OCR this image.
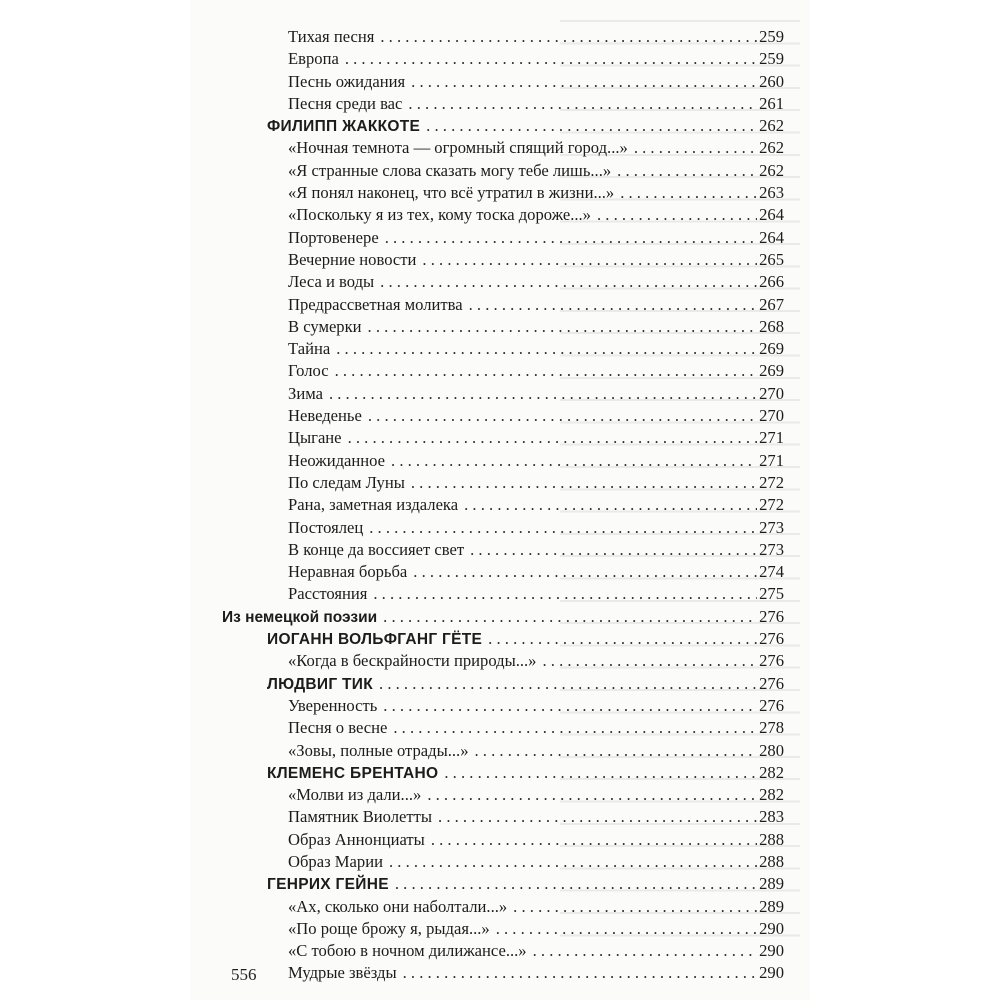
Тихая песня . . .	259
Европа . . .	259
Песнь ожидания . . .	260
Песня среди вас . . .	261
ФИЛИПП ЖАККОТЕ . . .	262
«Ночная темнота — огромный спящий город...» . . .	262
«Я странные слова сказать могу тебе лишь...» . . .	262
«Я понял наконец, что всё утратил в жизни...» . . .	263
«Поскольку я из тех, кому тоска дороже...» . . .	264
Портовенере . . .	264
Вечерние новости . . .	265
Леса и воды . . .	266
Предрассветная молитва . . .	267
В сумерки . . .	268
Тайна . . .	269
Голос . . .	269
Зима . . .	270
Неведенье . . .	270
Цыгане . . .	271
Неожиданное . . .	271
По следам Луны . . .	272
Рана, заметная издалека . . .	272
Постоялец . . .	273
В конце да воссияет свет . . .	273
Неравная борьба . . .	274
Расстояния . . .	275
Из немецкой поэзии . . .	276
ИОГАНН ВОЛЬФГАНГ ГЁТЕ . . .	276
«Когда в бескрайности природы...» . . .	276
ЛЮДВИГ ТИК . . .	276
Уверенность . . .	276
Песня о весне . . .	278
«Зовы, полные отрады...» . . .	280
КЛЕМЕНС БРЕНТАНО . . .	282
«Молви из дали...» . . .	282
Памятник Виолетты . . .	283
Образ Аннонциаты . . .	288
Образ Марии . . .	288
ГЕНРИХ ГЕЙНЕ . . .	289
«Ах, сколько они наболтали...» . . .	289
«По роще брожу я, рыдая...» . . .	290
«С тобою в ночном дилижансе...» . . .	290
Мудрые звёзды . . .	290
556
